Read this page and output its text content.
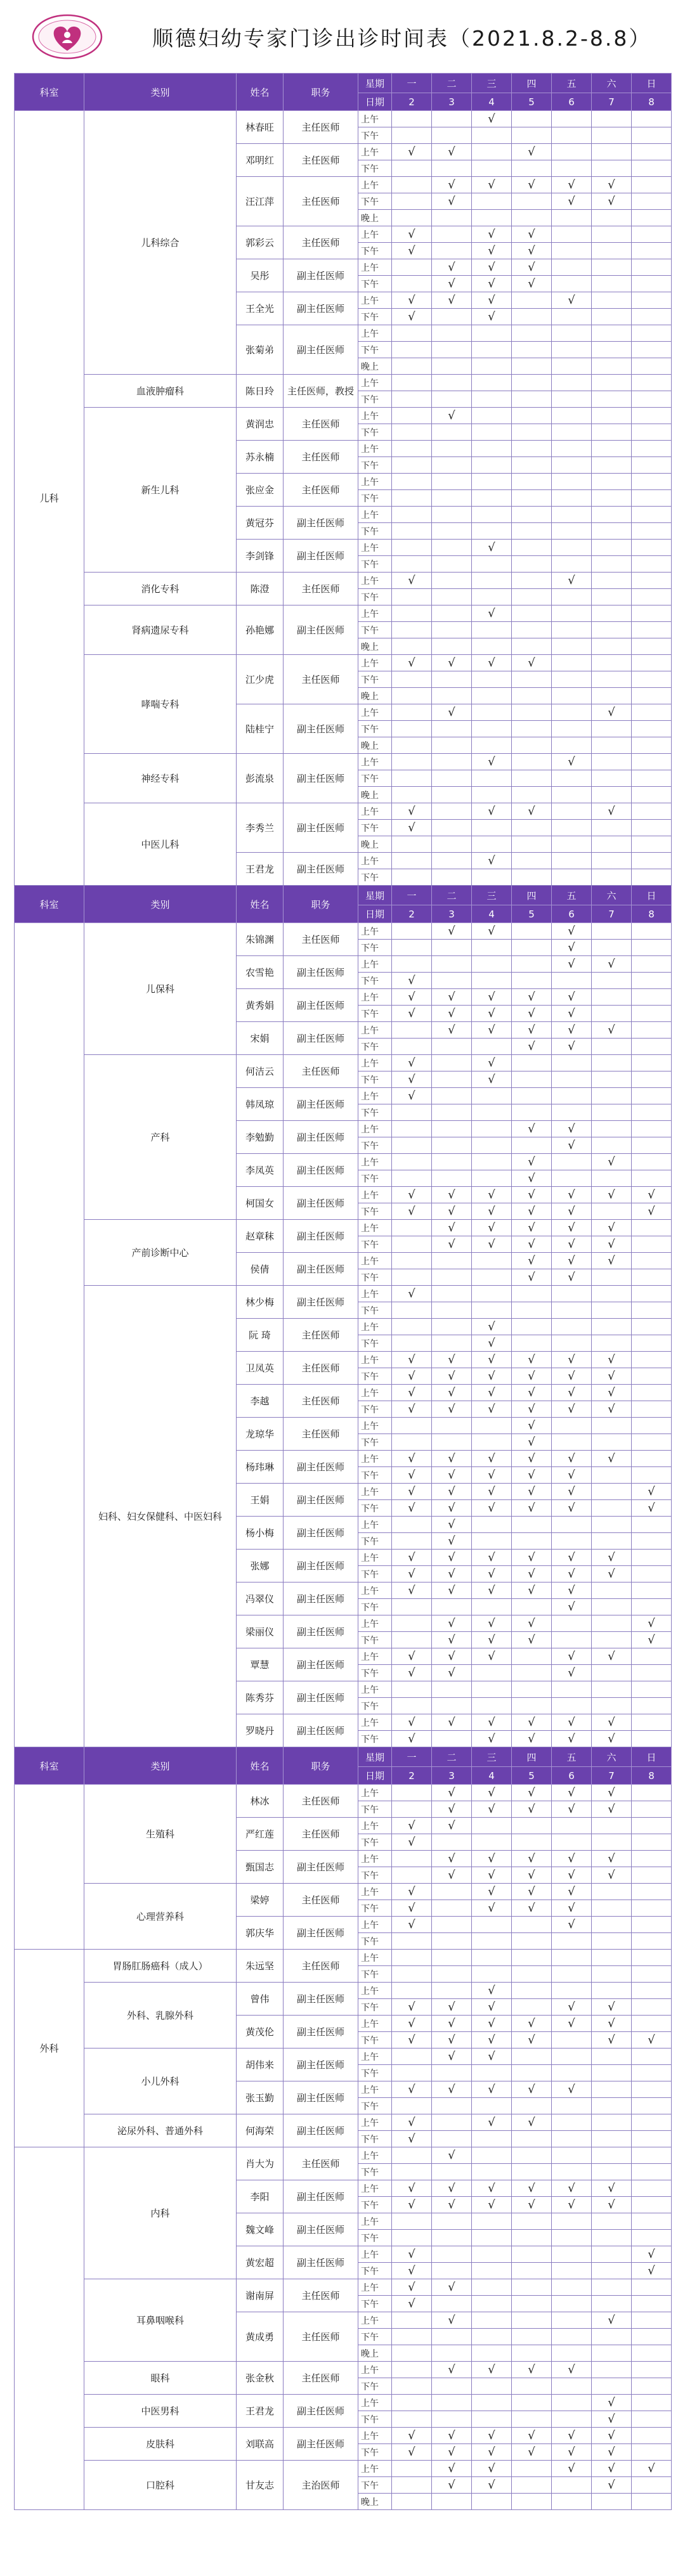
顺德妇幼专家门诊出诊时间表（2021.8.2-8.8）
科室	类别	姓名	职务	星期	一	二	三	四	五	六	日
				日期	2	3	4	5	6	7	8
儿科	儿科综合	林春旺	主任医师	上午			√				
				下午							
		邓明红	主任医师	上午	√	√		√			
				下午							
		汪江萍	主任医师	上午		√	√	√	√	√	
				下午		√			√	√	
				晚上							
		郭彩云	主任医师	上午	√		√	√			
				下午	√		√	√			
		吴彤	副主任医师	上午		√	√	√			
				下午		√	√	√			
		王全光	副主任医师	上午	√	√	√		√		
				下午	√		√				
		张菊弟	副主任医师	上午							
				下午							
				晚上							
	血液肿瘤科	陈日玲	主任医师，教授	上午							
				下午							
	新生儿科	黄润忠	主任医师	上午		√					
				下午							
		苏永楠	主任医师	上午							
				下午							
		张应金	主任医师	上午							
				下午							
		黄冠芬	副主任医师	上午							
				下午							
		李剑锋	副主任医师	上午			√				
				下午							
	消化专科	陈澄	主任医师	上午	√				√		
				下午							
	肾病遗尿专科	孙艳娜	副主任医师	上午			√				
				下午							
				晚上							
	哮喘专科	江少虎	主任医师	上午	√	√	√	√			
				下午							
				晚上							
		陆桂宁	副主任医师	上午		√				√	
				下午							
				晚上							
	神经专科	彭流泉	副主任医师	上午			√		√		
				下午							
				晚上							
	中医儿科	李秀兰	副主任医师	上午	√		√	√		√	
				下午	√						
				晚上							
		王君龙	副主任医师	上午			√				
				下午							
科室	类别	姓名	职务	星期	一	二	三	四	五	六	日
				日期	2	3	4	5	6	7	8
	儿保科	朱锦渊	主任医师	上午		√	√		√		
				下午					√		
		农雪艳	副主任医师	上午					√	√	
				下午	√						
		黄秀娟	副主任医师	上午	√	√	√	√	√		
				下午	√	√	√	√	√		
		宋娟	副主任医师	上午		√	√	√	√	√	
				下午				√	√		
	产科	何洁云	主任医师	上午	√		√				
				下午	√		√				
		韩凤琼	副主任医师	上午	√						
				下午							
		李勉勤	副主任医师	上午				√	√		
				下午					√		
		李凤英	副主任医师	上午				√		√	
				下午				√			
		柯国女	副主任医师	上午	√	√	√	√	√	√	√
				下午	√	√	√	√	√		√
	产前诊断中心	赵章秣	副主任医师	上午		√	√	√	√	√	
				下午		√	√	√	√	√	
		侯倩	副主任医师	上午				√	√	√	
				下午				√	√		
	妇科、妇女保健科、中医妇科	林少梅	副主任医师	上午	√						
				下午							
		阮 琦	主任医师	上午			√				
				下午			√				
		卫凤英	主任医师	上午	√	√	√	√	√	√	
				下午	√	√	√	√	√	√	
		李越	主任医师	上午	√	√	√	√	√	√	
				下午	√	√	√	√	√	√	
		龙琼华	主任医师	上午				√			
				下午				√			
		杨玮琳	副主任医师	上午	√	√	√	√	√	√	
				下午	√	√	√	√	√		
		王娟	副主任医师	上午	√	√	√	√	√		√
				下午	√	√	√	√	√		√
		杨小梅	副主任医师	上午		√					
				下午		√					
		张娜	副主任医师	上午	√	√	√	√	√	√	
				下午	√	√	√	√	√	√	
		冯翠仪	副主任医师	上午	√	√	√	√	√		
				下午					√		
		梁丽仪	副主任医师	上午		√	√	√			√
				下午		√	√	√			√
		覃慧	副主任医师	上午	√	√	√		√	√	
				下午	√	√			√		
		陈秀芬	副主任医师	上午							
				下午							
		罗晓丹	副主任医师	上午	√	√	√	√	√	√	
				下午	√		√	√	√	√	
科室	类别	姓名	职务	星期	一	二	三	四	五	六	日
				日期	2	3	4	5	6	7	8
	生殖科	林冰	主任医师	上午		√	√	√	√	√	
				下午		√	√	√	√	√	
		严红莲	主任医师	上午	√	√					
				下午	√						
		甄国志	副主任医师	上午		√	√	√	√	√	
				下午		√	√	√	√	√	
	心理营养科	梁婷	主任医师	上午	√		√	√	√		
				下午	√		√	√	√		
		郭庆华	副主任医师	上午	√				√		
				下午							
外科	胃肠肛肠癌科（成人）	朱远坚	主任医师	上午							
				下午							
	外科、乳腺外科	曾伟	副主任医师	上午			√				
				下午	√	√	√		√	√	
		黄茂伦	副主任医师	上午	√	√	√	√	√	√	
				下午	√	√	√	√		√	√
	小儿外科	胡伟来	副主任医师	上午		√	√				
				下午							
		张玉勤	副主任医师	上午	√	√	√	√	√		
				下午							
	泌尿外科、普通外科	何海荣	副主任医师	上午	√		√	√			
				下午	√						
	内科	肖大为	主任医师	上午		√					
				下午							
		李阳	副主任医师	上午	√	√	√	√	√	√	
				下午	√	√	√	√	√	√	
		魏文峰	副主任医师	上午							
				下午							
		黄宏超	副主任医师	上午	√						√
				下午	√						√
	耳鼻咽喉科	谢南屏	主任医师	上午	√	√					
				下午	√						
		黄成勇	主任医师	上午		√				√	
				下午							
				晚上							
	眼科	张金秋	主任医师	上午		√	√	√	√		
				下午							
	中医男科	王君龙	副主任医师	上午						√	
				下午						√	
	皮肤科	刘联高	副主任医师	上午	√	√	√	√	√	√	
				下午	√	√	√	√	√	√	
	口腔科	甘友志	主治医师	上午		√	√		√	√	√
				下午		√	√			√	
				晚上							
